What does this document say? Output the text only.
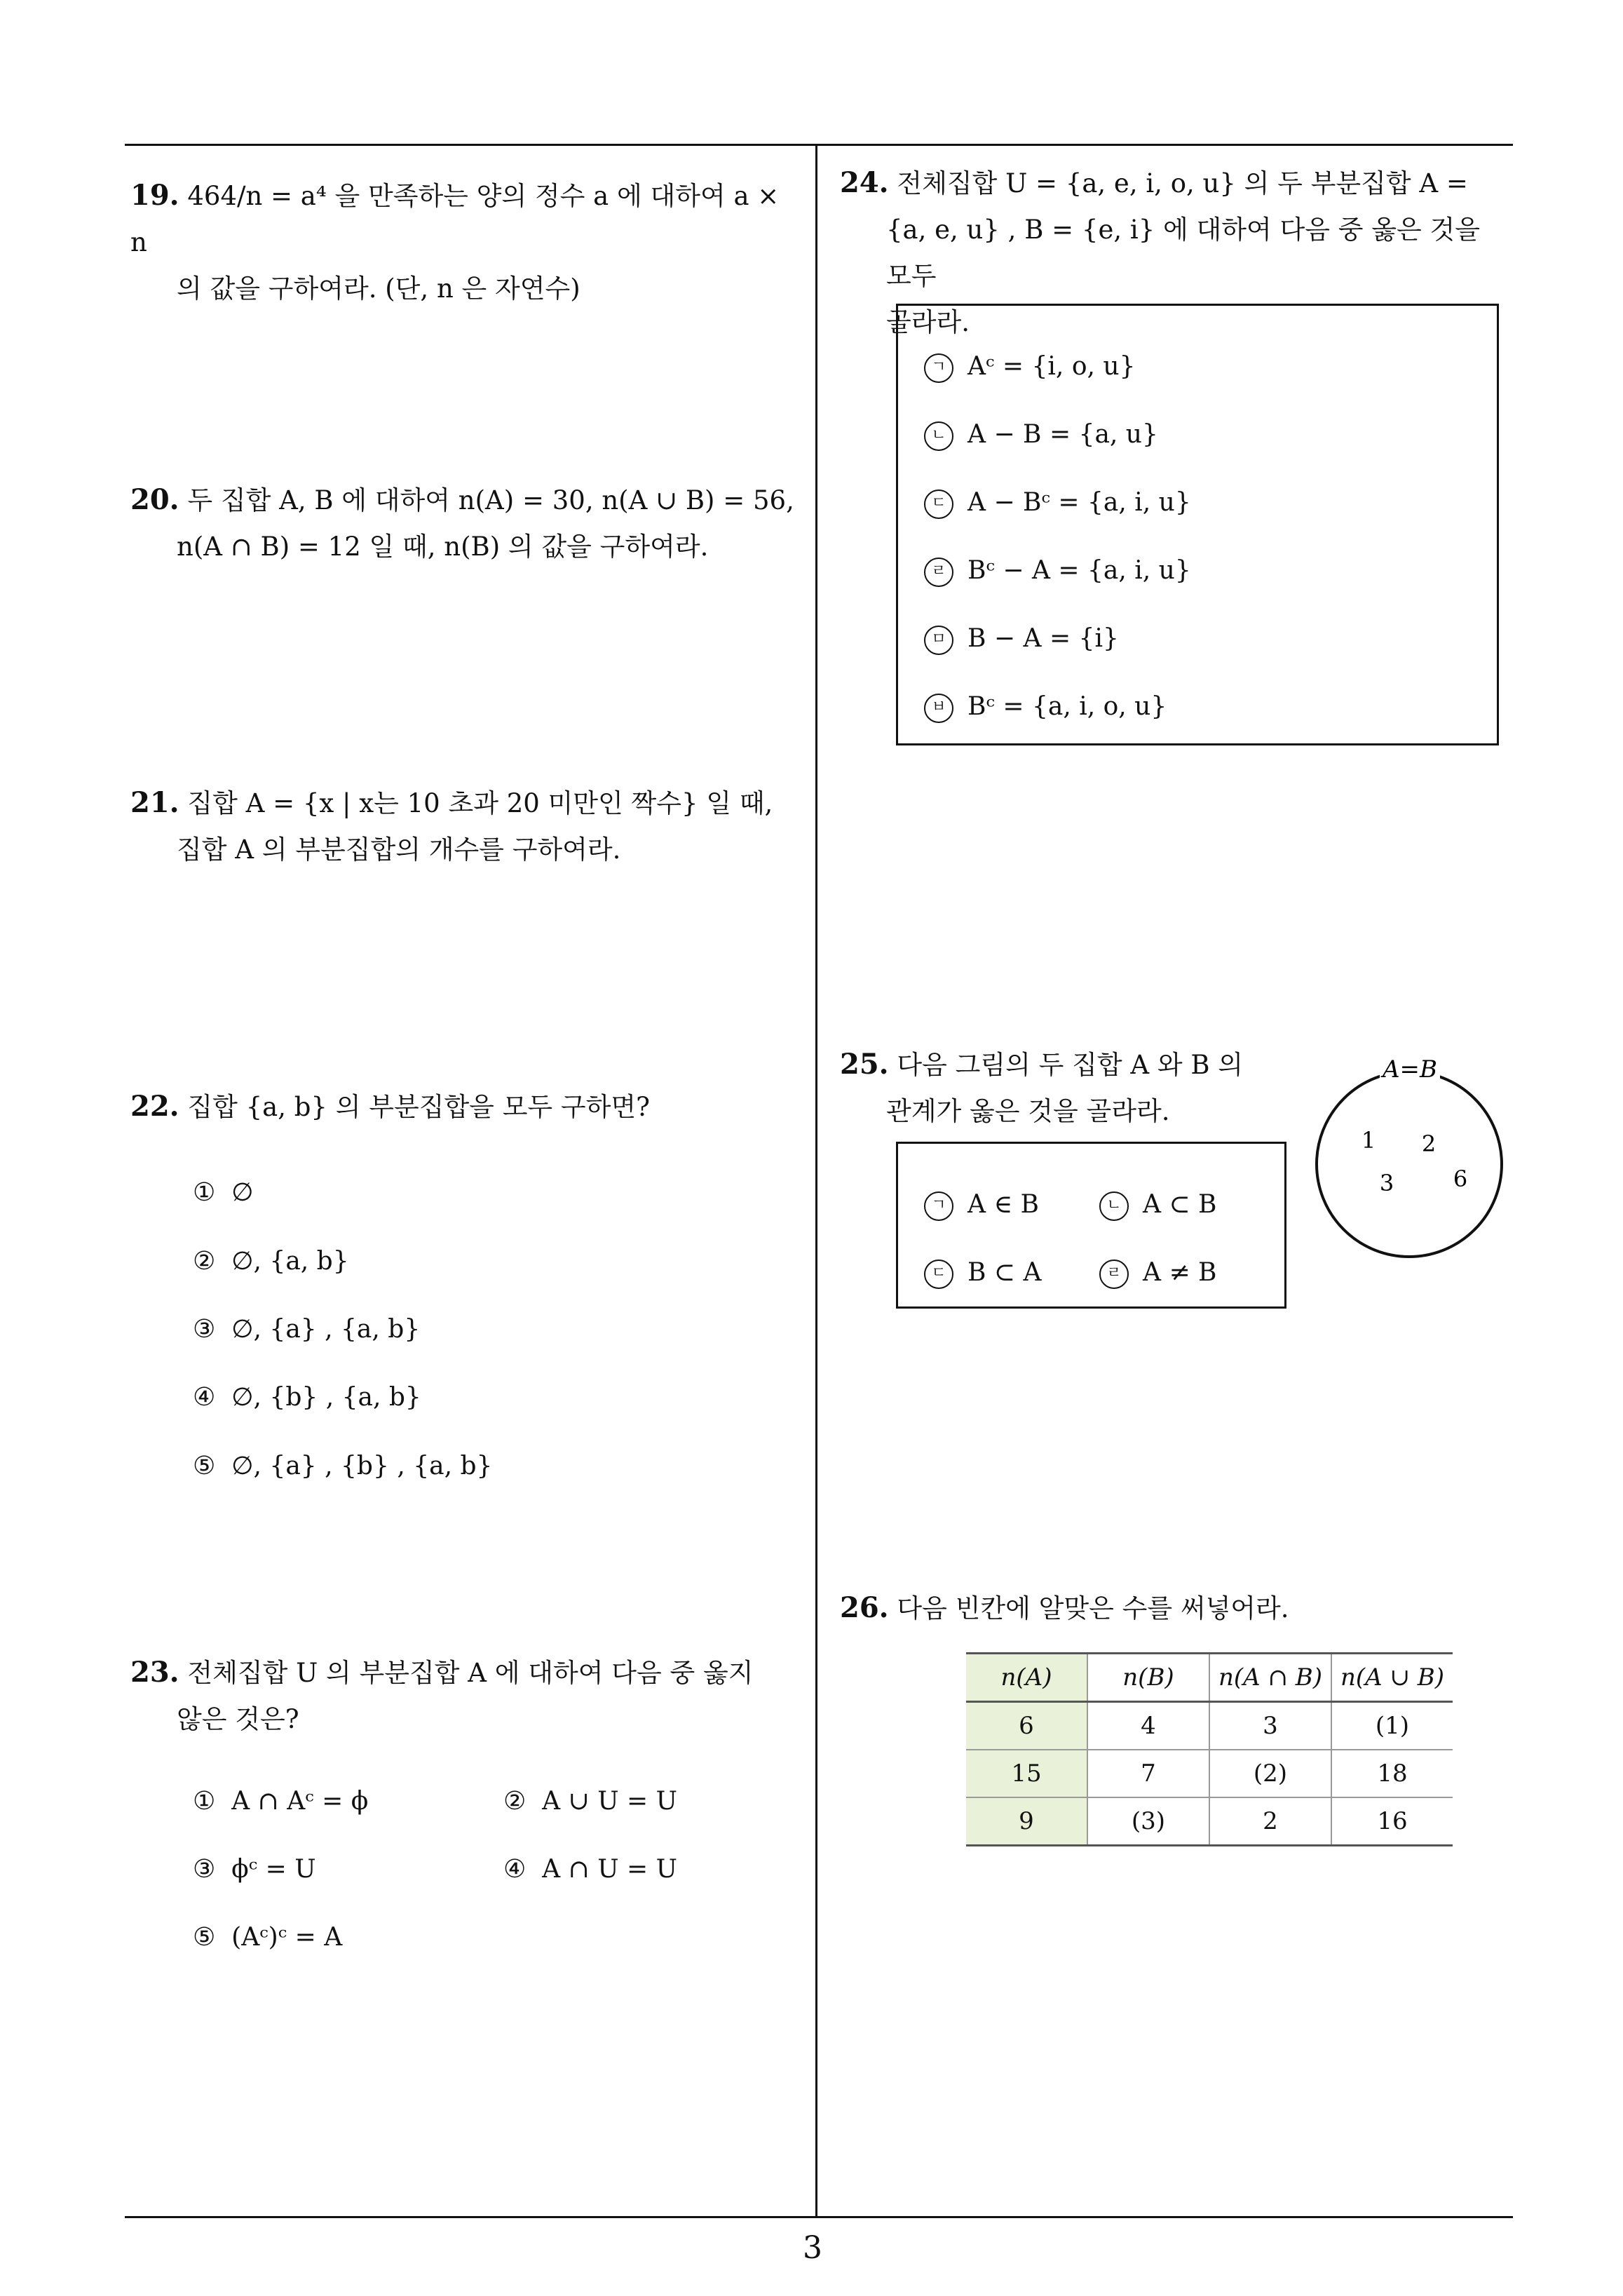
19. 464/n = a⁴ 을 만족하는 양의 정수 a 에 대하여 a × n
의 값을 구하여라. (단, n 은 자연수)
20. 두 집합 A, B 에 대하여 n(A) = 30, n(A ∪ B) = 56,
n(A ∩ B) = 12 일 때, n(B) 의 값을 구하여라.
21. 집합 A = {x | x는 10 초과 20 미만인 짝수} 일 때,
집합 A 의 부분집합의 개수를 구하여라.
22. 집합 {a, b} 의 부분집합을 모두 구하면?
① ∅
② ∅, {a, b}
③ ∅, {a} , {a, b}
④ ∅, {b} , {a, b}
⑤ ∅, {a} , {b} , {a, b}
23. 전체집합 U 의 부분집합 A 에 대하여 다음 중 옳지
않은 것은?
① A ∩ Aᶜ = ϕ	② A ∪ U = U
③ ϕᶜ = U	④ A ∩ U = U
⑤ (Aᶜ)ᶜ = A
24. 전체집합 U = {a, e, i, o, u} 의 두 부분집합 A =
{a, e, u} , B = {e, i} 에 대하여 다음 중 옳은 것을 모두
골라라.
ㄱ Aᶜ = {i, o, u}
ㄴ A − B = {a, u}
ㄷ A − Bᶜ = {a, i, u}
ㄹ Bᶜ − A = {a, i, u}
ㅁ B − A = {i}
ㅂ Bᶜ = {a, i, o, u}
25. 다음 그림의 두 집합 A 와 B 의
관계가 옳은 것을 골라라.
ㄱ A ∈ B	ㄴ A ⊂ B
ㄷ B ⊂ A	ㄹ A ≠ B
A=B
1 2
3	6
26. 다음 빈칸에 알맞은 수를 써넣어라.
n(A)	n(B)	n(A ∩ B)	n(A ∪ B)
6	4	3	(1)
15	7	(2)	18
9	(3)	2	16
3
